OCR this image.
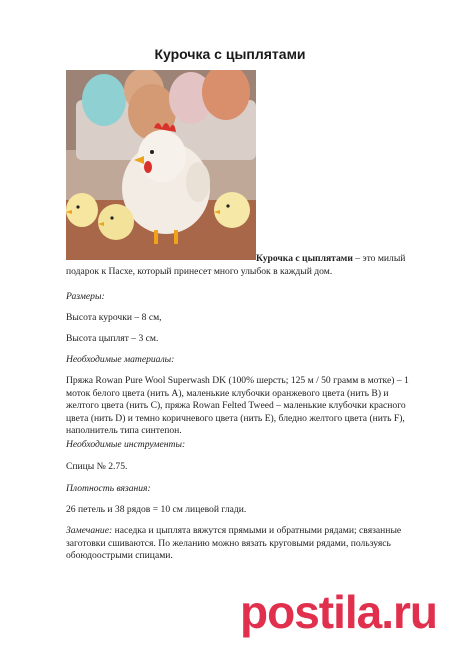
Курочка с цыплятами

Курочка с цыплятами – это милый

подарок к Пасхе, который принесет много улыбок в каждый дом.

Размеры:

Высота курочки – 8 см,

Высота цыплят – 3 см.

Необходимые материалы:

Пряжа Rowan Pure Wool Superwash DK (100% шерсть; 125 м / 50 грамм в мотке) – 1 моток белого цвета (нить A), маленькие клубочки оранжевого цвета (нить B) и желтого цвета (нить C), пряжа Rowan Felted Tweed – маленькие клубочки красного цвета (нить D) и темно коричневого цвета (нить E), бледно желтого цвета (нить F), наполнитель типа синтепон.

Необходимые инструменты:

Спицы № 2.75.

Плотность вязания:

26 петель и 38 рядов = 10 см лицевой глади.

Замечание: наседка и цыплята вяжутся прямыми и обратными рядами; связанные заготовки сшиваются. По желанию можно вязать круговыми рядами, пользуясь обоюдоострыми спицами.

postila.ru
